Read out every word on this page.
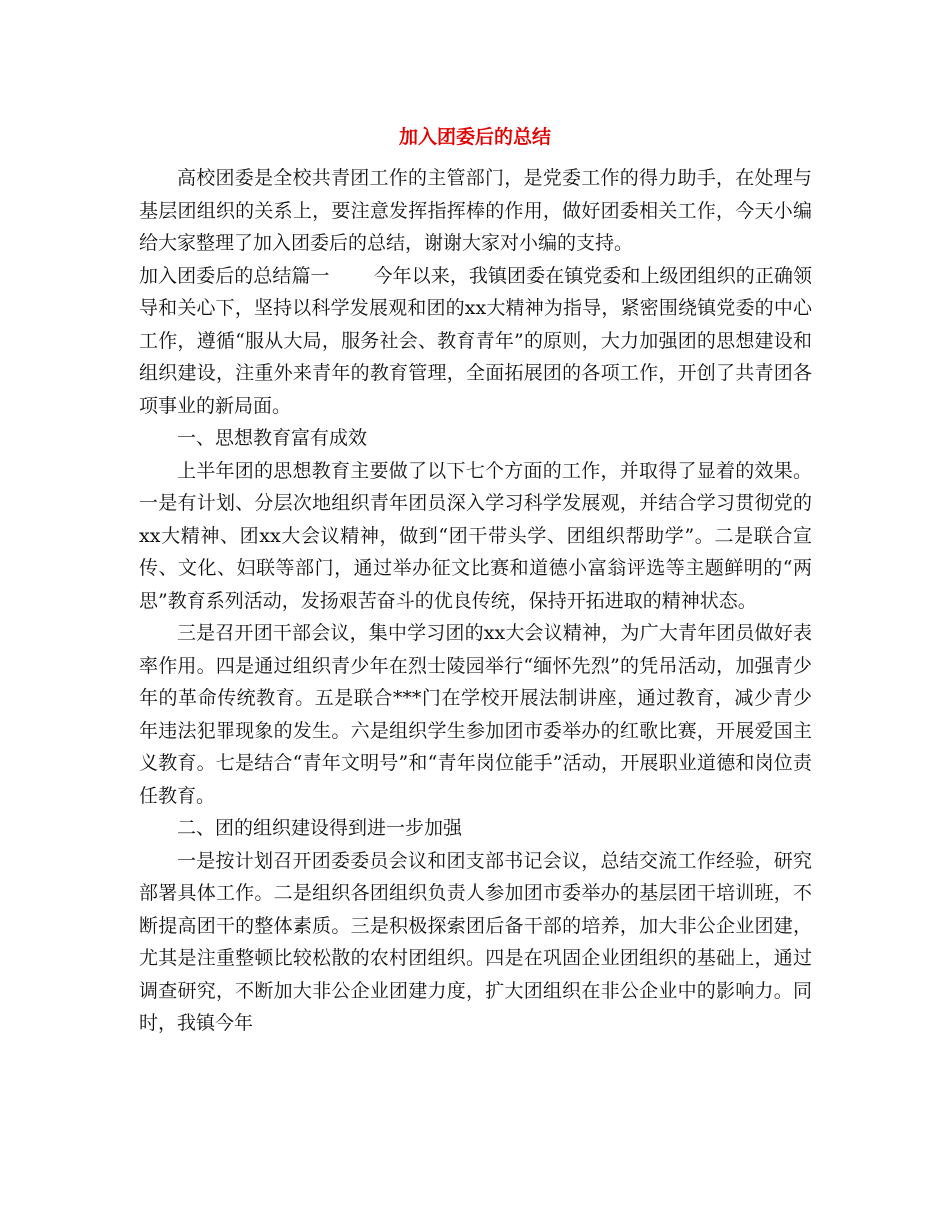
加入团委后的总结

高校团委是全校共青团工作的主管部门，是党委工作的得力助手，在处理与基层团组织的关系上，要注意发挥指挥棒的作用，做好团委相关工作，今天小编给大家整理了加入团委后的总结，谢谢大家对小编的支持。

加入团委后的总结篇一 今年以来，我镇团委在镇党委和上级团组织的正确领导和关心下，坚持以科学发展观和团的xx大精神为指导，紧密围绕镇党委的中心工作，遵循“服从大局，服务社会、教育青年”的原则，大力加强团的思想建设和组织建设，注重外来青年的教育管理，全面拓展团的各项工作，开创了共青团各项事业的新局面。

一、思想教育富有成效

上半年团的思想教育主要做了以下七个方面的工作，并取得了显着的效果。一是有计划、分层次地组织青年团员深入学习科学发展观，并结合学习贯彻党的xx大精神、团xx大会议精神，做到“团干带头学、团组织帮助学”。二是联合宣传、文化、妇联等部门，通过举办征文比赛和道德小富翁评选等主题鲜明的“两思”教育系列活动，发扬艰苦奋斗的优良传统，保持开拓进取的精神状态。

三是召开团干部会议，集中学习团的xx大会议精神，为广大青年团员做好表率作用。四是通过组织青少年在烈士陵园举行“缅怀先烈”的凭吊活动，加强青少年的革命传统教育。五是联合***门在学校开展法制讲座，通过教育，减少青少年违法犯罪现象的发生。六是组织学生参加团市委举办的红歌比赛，开展爱国主义教育。七是结合“青年文明号”和“青年岗位能手”活动，开展职业道德和岗位责任教育。

二、团的组织建设得到进一步加强

一是按计划召开团委委员会议和团支部书记会议，总结交流工作经验，研究部署具体工作。二是组织各团组织负责人参加团市委举办的基层团干培训班，不断提高团干的整体素质。三是积极探索团后备干部的培养，加大非公企业团建，尤其是注重整顿比较松散的农村团组织。四是在巩固企业团组织的基础上，通过调查研究，不断加大非公企业团建力度，扩大团组织在非公企业中的影响力。同时，我镇今年
